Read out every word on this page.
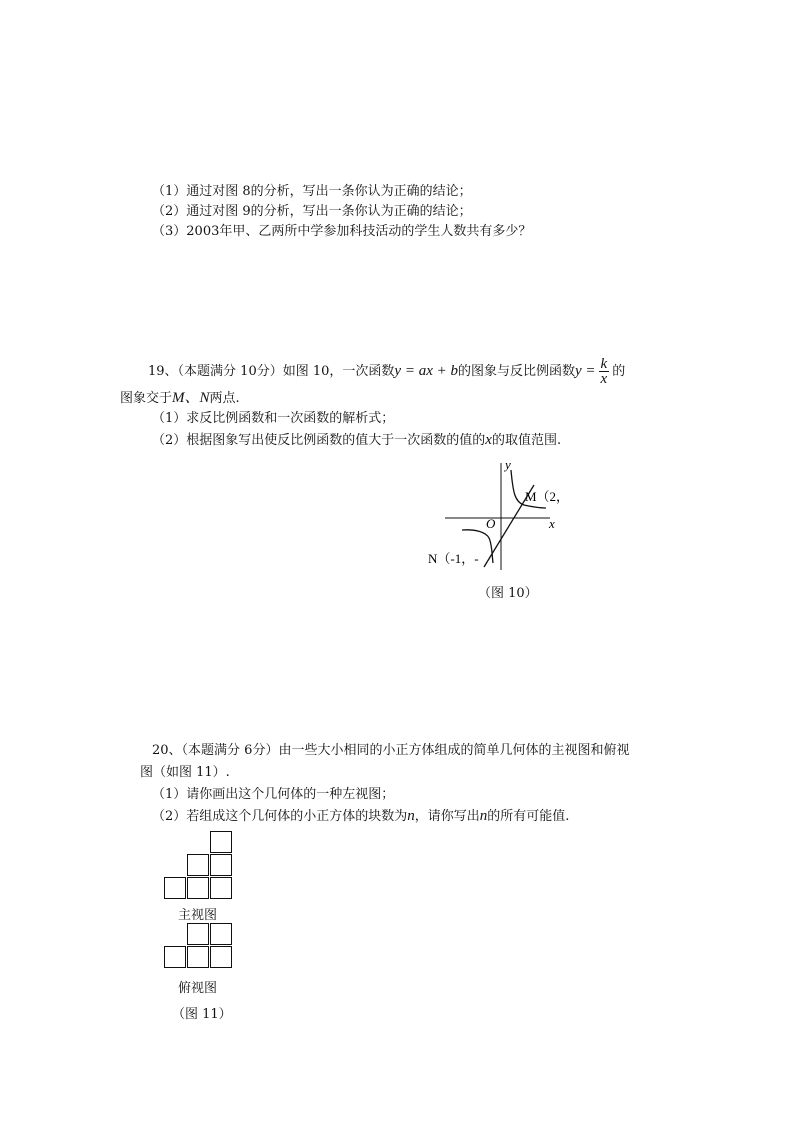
（1）通过对图 8的分析，写出一条你认为正确的结论；
（2）通过对图 9的分析，写出一条你认为正确的结论；
（3）2003年甲、乙两所中学参加科技活动的学生人数共有多少？
19、（本题满分 10分）如图 10，一次函数y = ax + b的图象与反比例函数$y = \frac{k}{x}$ 的
图象交于M、N两点.
（1）求反比例函数和一次函数的解析式；
（2）根据图象写出使反比例函数的值大于一次函数的值的x的取值范围.
y
x
O
M（2，
N（-1，-
（图 10）
20、（本题满分 6分）由一些大小相同的小正方体组成的简单几何体的主视图和俯视
图（如图 11）.
（1）请你画出这个几何体的一种左视图；
（2）若组成这个几何体的小正方体的块数为n，请你写出n的所有可能值.
主视图
俯视图
（图 11）
